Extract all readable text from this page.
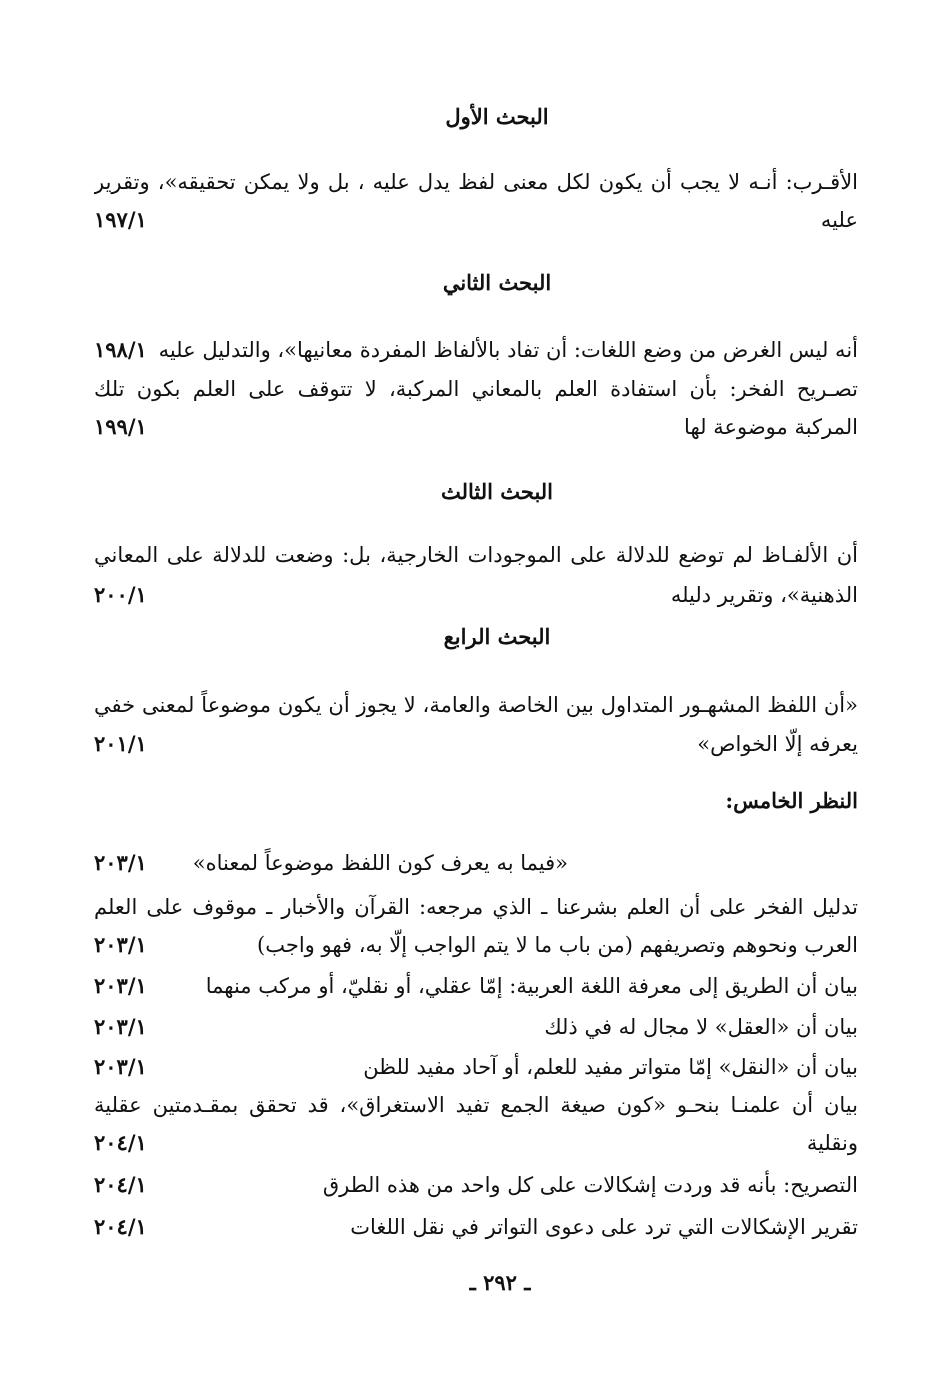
البحث الأول
الأقـرب: أنـه لا يجب أن يكون لكل معنى لفظ يدل عليه ، بل ولا يمكن تحقيقه»، وتقرير
عليه
١٩٧/١
البحث الثاني
أنه ليس الغرض من وضع اللغات: أن تفاد بالألفاظ المفردة معانيها»، والتدليل عليه
١٩٨/١
تصـريح الفخر: بأن استفادة العلم بالمعاني المركبة، لا تتوقف على العلم بكون تلك
المركبة موضوعة لها
١٩٩/١
البحث الثالث
أن الألفـاظ لم توضع للدلالة على الموجودات الخارجية، بل: وضعت للدلالة على المعاني
الذهنية»، وتقرير دليله
٢٠٠/١
البحث الرابع
«أن اللفظ المشهـور المتداول بين الخاصة والعامة، لا يجوز أن يكون موضوعاً لمعنى خفي
يعرفه إلّا الخواص»
٢٠١/١
النظر الخامس:
«فيما به يعرف كون اللفظ موضوعاً لمعناه»
٢٠٣/١
تدليل الفخر على أن العلم بشرعنا ـ الذي مرجعه: القرآن والأخبار ـ موقوف على العلم
العرب ونحوهم وتصريفهم (من باب ما لا يتم الواجب إلّا به، فهو واجب)
٢٠٣/١
بيان أن الطريق إلى معرفة اللغة العربية: إمّا عقلي، أو نقليّ، أو مركب منهما
٢٠٣/١
بيان أن «العقل» لا مجال له في ذلك
٢٠٣/١
بيان أن «النقل» إمّا متواتر مفيد للعلم، أو آحاد مفيد للظن
٢٠٣/١
بيان أن علمنـا بنحـو «كون صيغة الجمع تفيد الاستغراق»، قد تحقق بمقـدمتين عقلية
ونقلية
٢٠٤/١
التصريح: بأنه قد وردت إشكالات على كل واحد من هذه الطرق
٢٠٤/١
تقرير الإشكالات التي ترد على دعوى التواتر في نقل اللغات
٢٠٤/١
ـ ٢٩٢ ـ
